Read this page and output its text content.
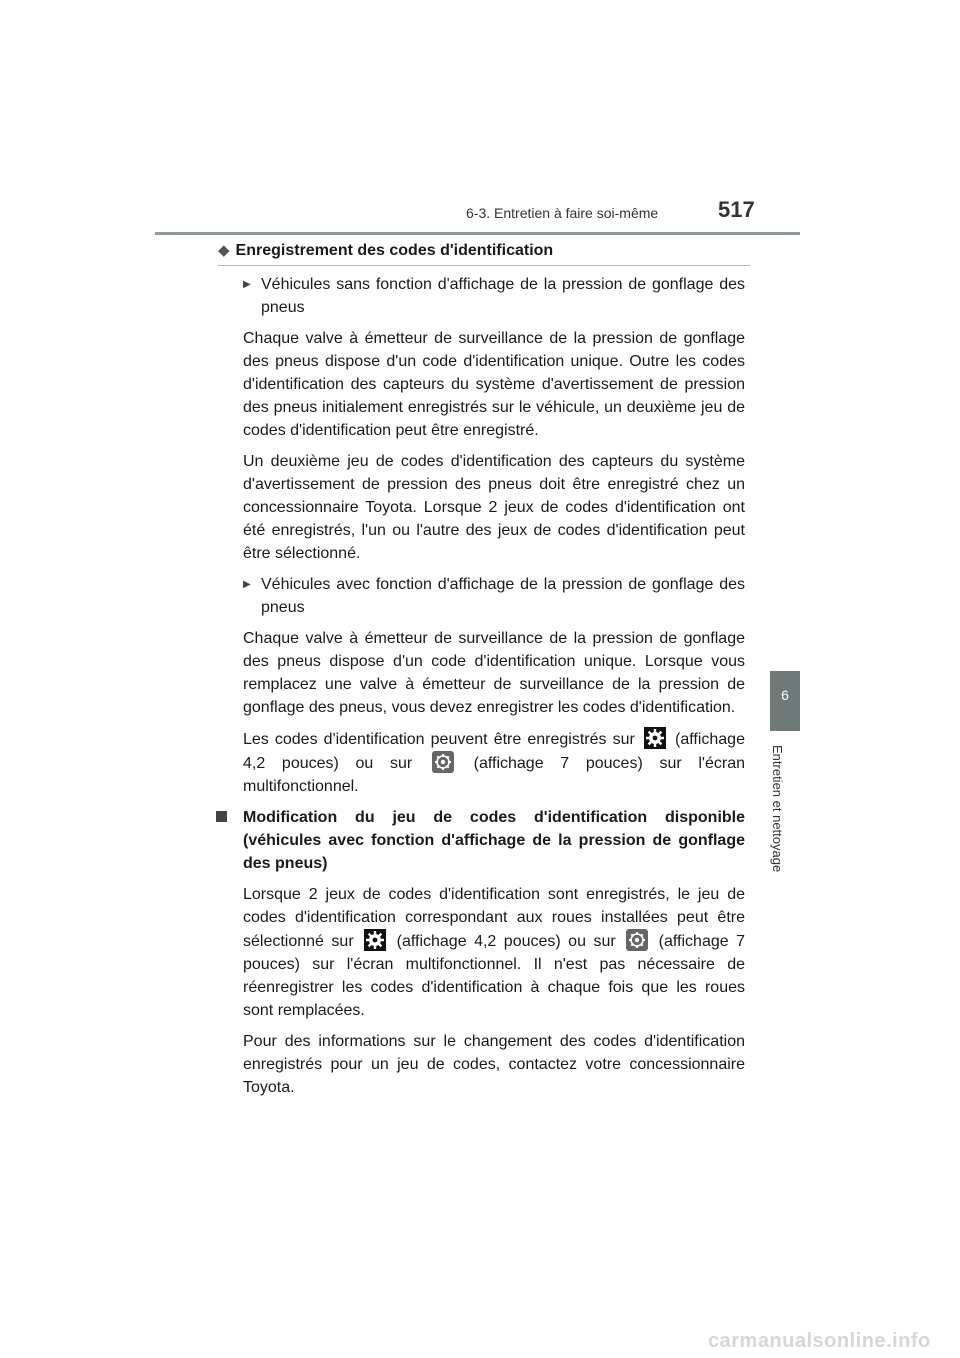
6-3. Entretien à faire soi-même	517
6
Entretien et nettoyage
◆ Enregistrement des codes d'identification
▶ Véhicules sans fonction d'affichage de la pression de gonflage des pneus

Chaque valve à émetteur de surveillance de la pression de gonflage des pneus dispose d'un code d'identification unique. Outre les codes d'identification des capteurs du système d'avertissement de pression des pneus initialement enregistrés sur le véhicule, un deuxième jeu de codes d'identification peut être enregistré.

Un deuxième jeu de codes d'identification des capteurs du système d'avertissement de pression des pneus doit être enregistré chez un concessionnaire Toyota. Lorsque 2 jeux de codes d'identification ont été enregistrés, l'un ou l'autre des jeux de codes d'identification peut être sélectionné.

▶ Véhicules avec fonction d'affichage de la pression de gonflage des pneus

Chaque valve à émetteur de surveillance de la pression de gonflage des pneus dispose d'un code d'identification unique. Lorsque vous remplacez une valve à émetteur de surveillance de la pression de gonflage des pneus, vous devez enregistrer les codes d'identification.

Les codes d'identification peuvent être enregistrés sur	(affichage 4,2 pouces) ou sur	(affichage 7 pouces) sur l'écran multifonctionnel.

Modification du jeu de codes d'identification disponible (véhicules avec fonction d'affichage de la pression de gonflage des pneus)

Lorsque 2 jeux de codes d'identification sont enregistrés, le jeu de codes d'identification correspondant aux roues installées peut être sélectionné sur	(affichage 4,2 pouces) ou sur	(affichage 7 pouces) sur l'écran multifonctionnel. Il n'est pas nécessaire de réenregistrer les codes d'identification à chaque fois que les roues sont remplacées.

Pour des informations sur le changement des codes d'identification enregistrés pour un jeu de codes, contactez votre concessionnaire Toyota.

carmanualsonline.info
